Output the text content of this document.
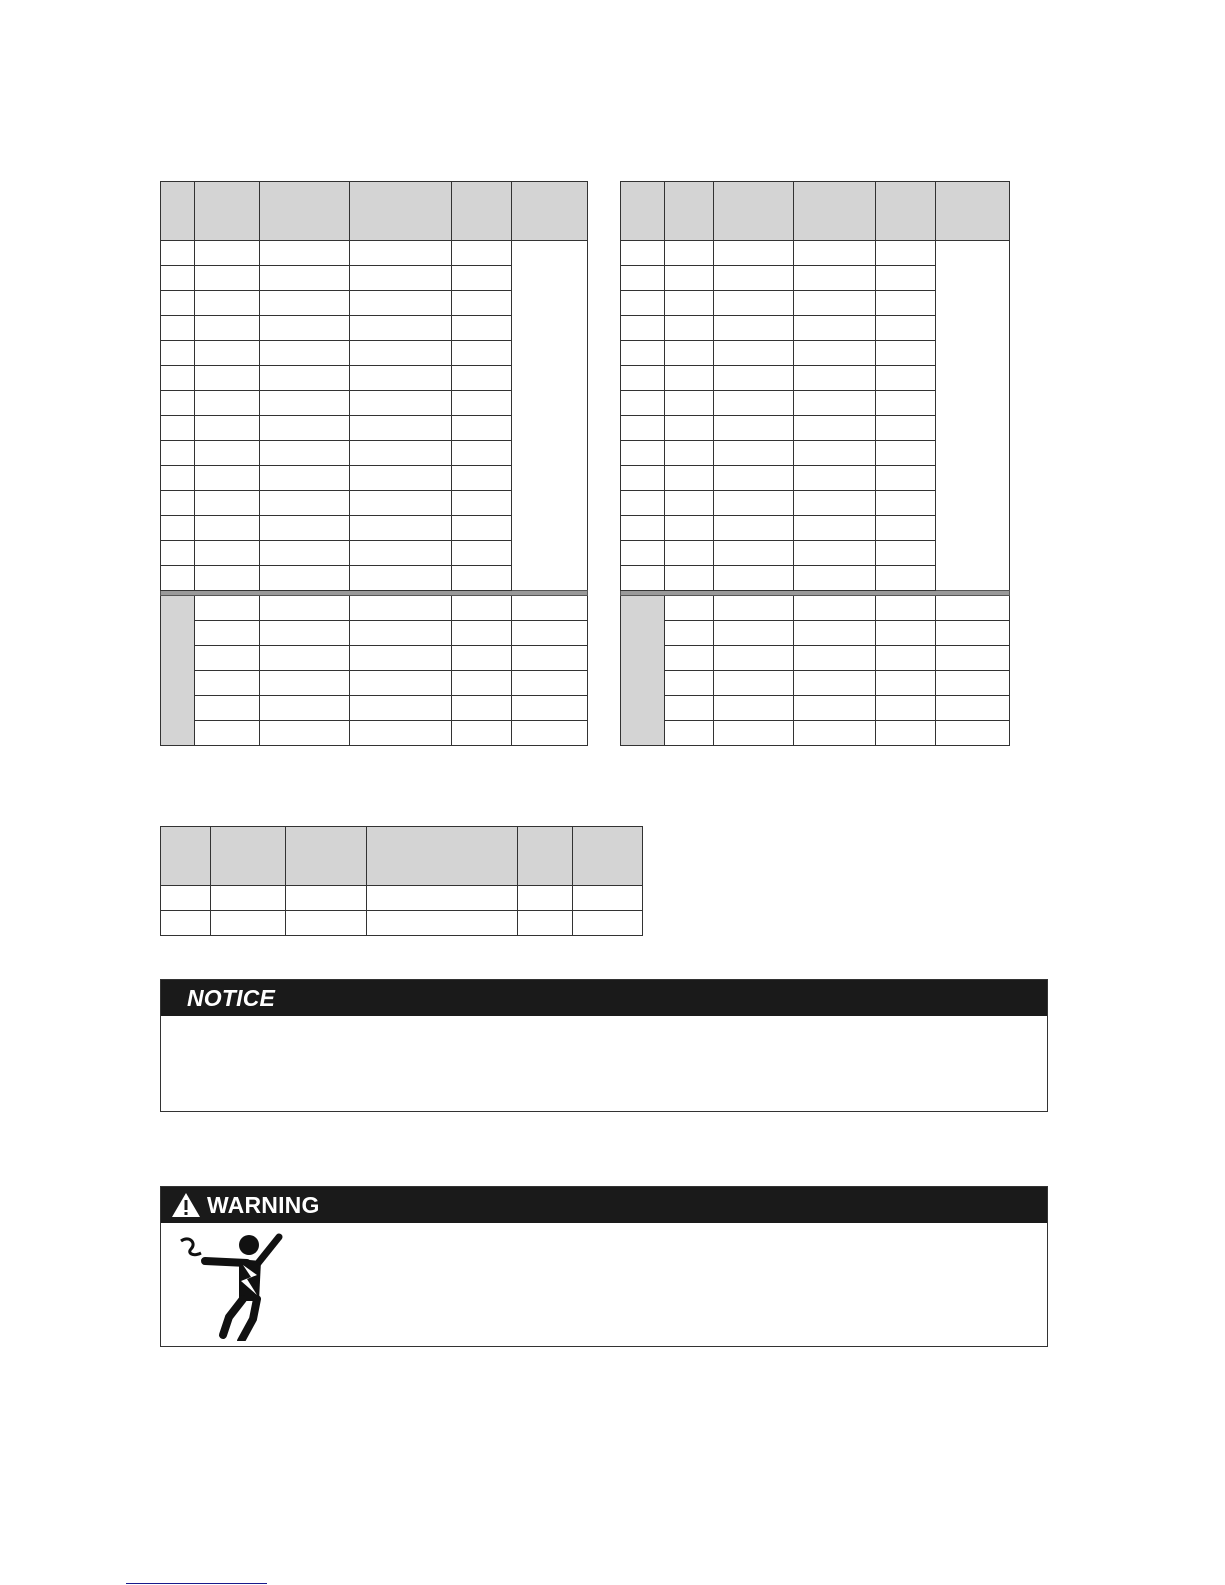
NOTICE
WARNING
